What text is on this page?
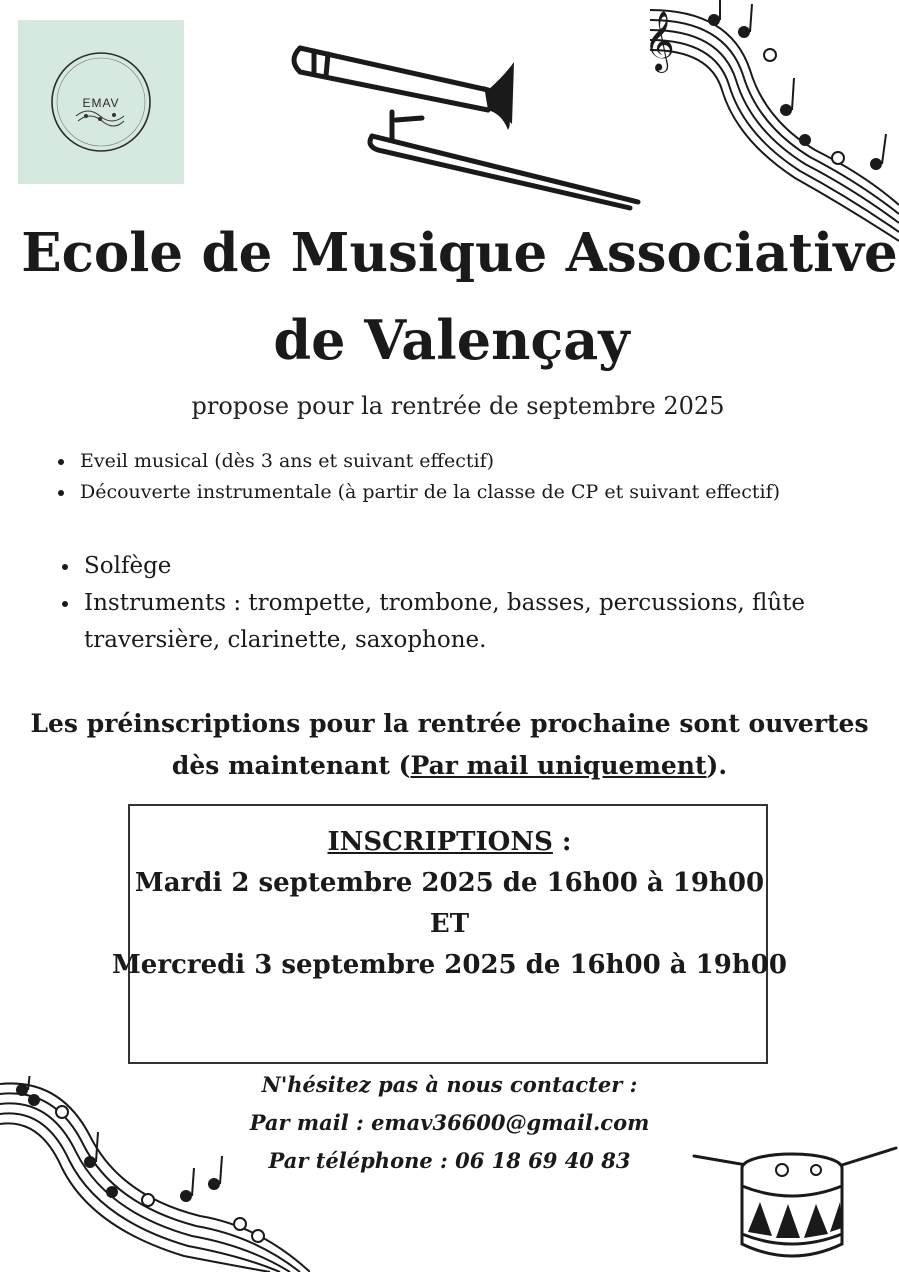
EMAV
𝄞
Ecole de Musique Associative
de Valençay
propose pour la rentrée de septembre 2025
Eveil musical (dès 3 ans et suivant effectif)
Découverte instrumentale (à partir de la classe de CP et suivant effectif)
Solfège
Instruments : trompette, trombone, basses, percussions, flûte traversière, clarinette, saxophone.
Les préinscriptions pour la rentrée prochaine sont ouvertes
dès maintenant (Par mail uniquement).
INSCRIPTIONS :
Mardi 2 septembre 2025 de 16h00 à 19h00
ET
Mercredi 3 septembre 2025 de 16h00 à 19h00
N'hésitez pas à nous contacter :
Par mail : emav36600@gmail.com
Par téléphone : 06 18 69 40 83
